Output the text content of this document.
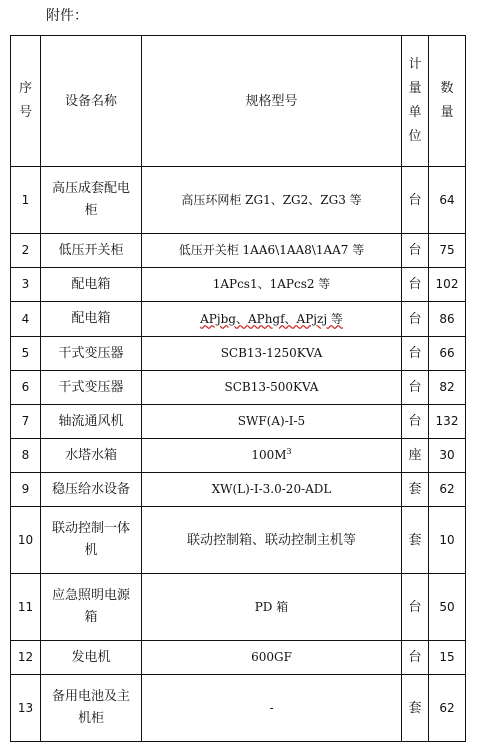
附件：
序号	设备名称	规格型号	计量单位	数量
1	高压成套配电柜	高压环网柜 ZG1、ZG2、ZG3 等	台	64
2	低压开关柜	低压开关柜 1AA6\1AA8\1AA7 等	台	75
3	配电箱	1APcs1、1APcs2 等	台	102
4	配电箱	APjbg、APhgf、APjzj 等	台	86
5	干式变压器	SCB13-1250KVA	台	66
6	干式变压器	SCB13-500KVA	台	82
7	轴流通风机	SWF(A)-I-5	台	132
8	水塔水箱	$100M^3$	座	30
9	稳压给水设备	XW(L)-I-3.0-20-ADL	套	62
10	联动控制一体机	联动控制箱、联动控制主机等	套	10
11	应急照明电源箱	PD 箱	台	50
12	发电机	600GF	台	15
13	备用电池及主机柜	-	套	62
